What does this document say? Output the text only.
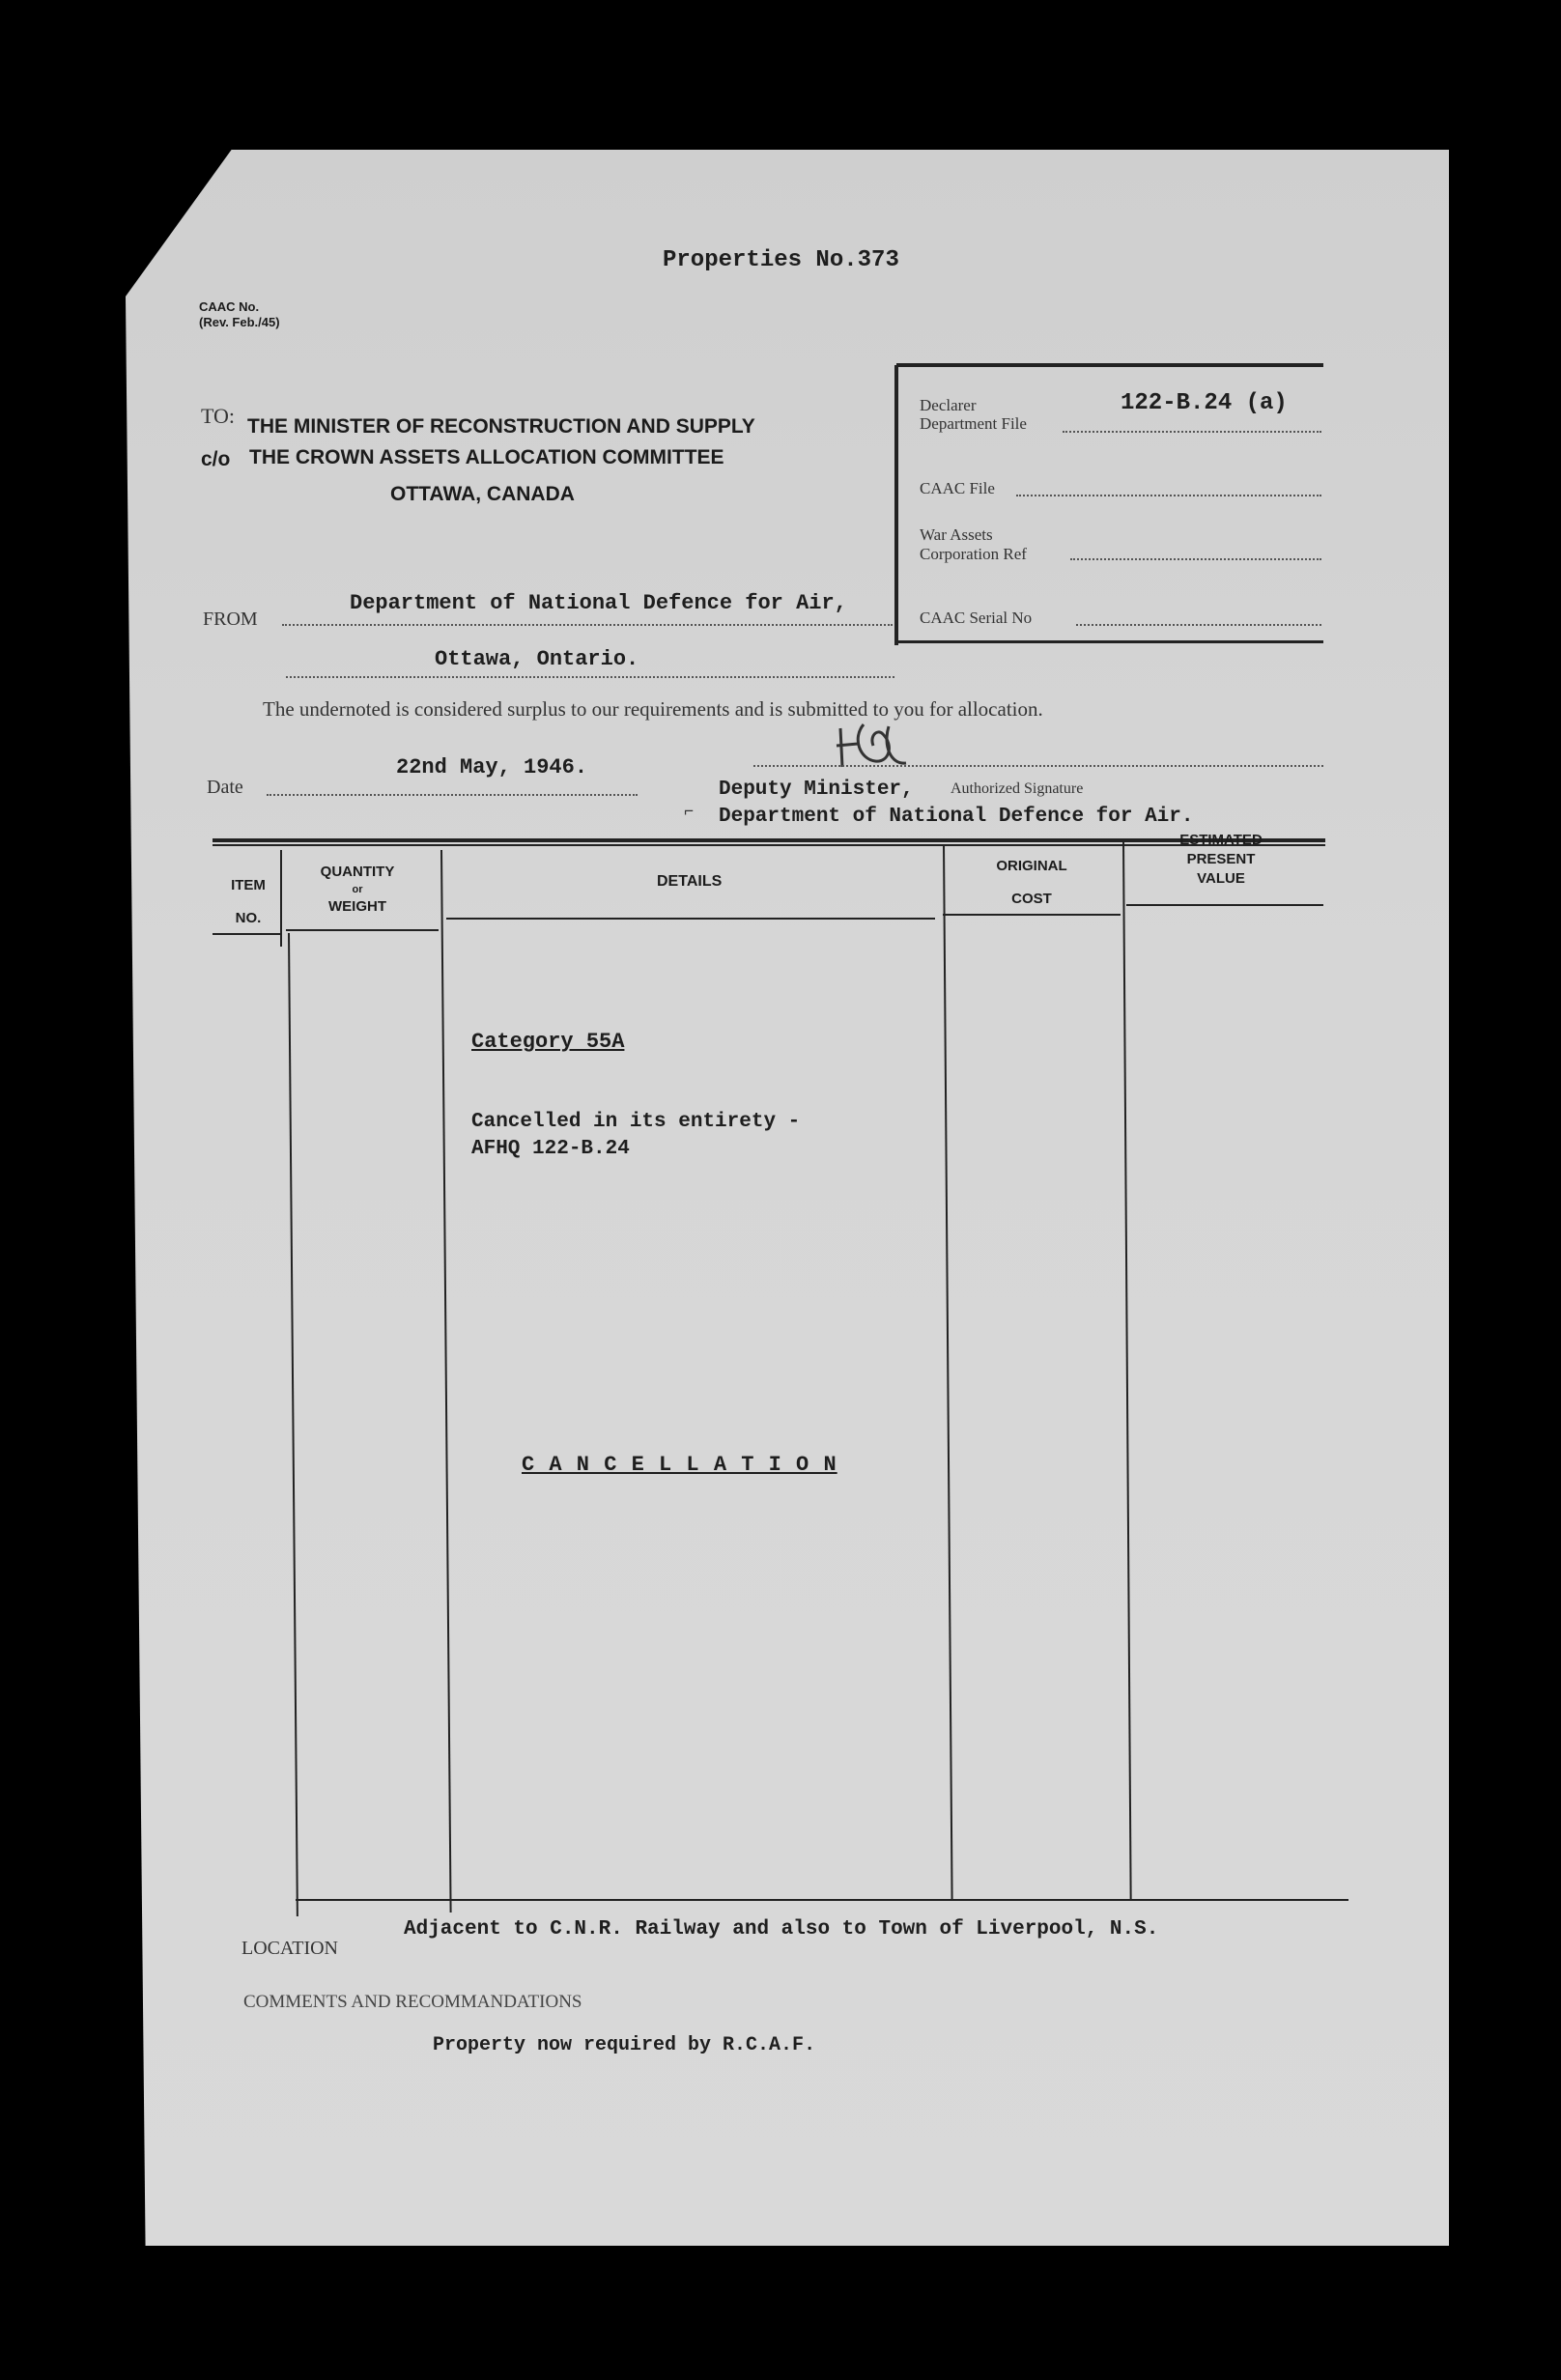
Properties No.373
CAAC No.
(Rev. Feb./45)
TO: THE MINISTER OF RECONSTRUCTION AND SUPPLY
c/o THE CROWN ASSETS ALLOCATION COMMITTEE
OTTAWA, CANADA
Declarer
Department File
122-B.24 (a)
CAAC File
War Assets
Corporation Ref
CAAC Serial No
FROM
Department of National Defence for Air,
Ottawa, Ontario.
The undernoted is considered surplus to our requirements and is submitted to you for allocation.
Date
22nd May, 1946.
Deputy Minister, Authorized Signature
⌐ Department of National Defence for Air.
ITEM
NO.
QUANTITY
or
WEIGHT
DETAILS
ORIGINAL
COST
ESTIMATED
PRESENT
VALUE
Category 55A
Cancelled in its entirety -
AFHQ 122-B.24
C A N C E L L A T I O N
LOCATION
Adjacent to C.N.R. Railway and also to Town of Liverpool, N.S.
COMMENTS AND RECOMMANDATIONS
Property now required by R.C.A.F.
